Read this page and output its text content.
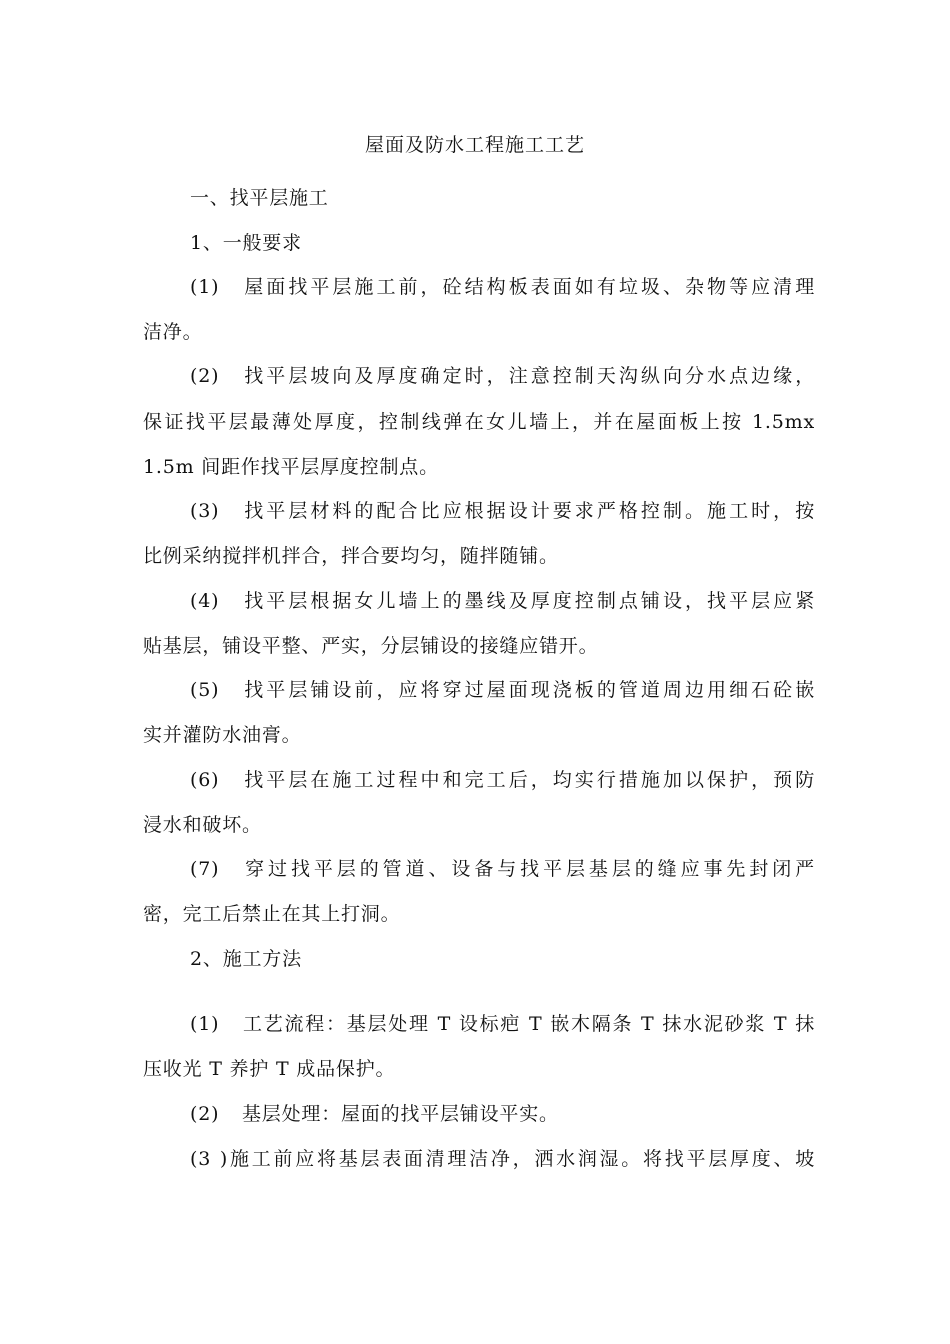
屋面及防水工程施工工艺
一、找平层施工
1、一般要求
(1) 屋面找平层施工前，砼结构板表面如有垃圾、杂物等应清理
洁净。
(2) 找平层坡向及厚度确定时，注意控制天沟纵向分水点边缘，
保证找平层最薄处厚度，控制线弹在女儿墙上，并在屋面板上按 1.5mx
1.5m 间距作找平层厚度控制点。
(3) 找平层材料的配合比应根据设计要求严格控制。施工时，按
比例采纳搅拌机拌合，拌合要均匀，随拌随铺。
(4) 找平层根据女儿墙上的墨线及厚度控制点铺设，找平层应紧
贴基层，铺设平整、严实，分层铺设的接缝应错开。
(5) 找平层铺设前，应将穿过屋面现浇板的管道周边用细石砼嵌
实并灌防水油膏。
(6) 找平层在施工过程中和完工后，均实行措施加以保护，预防
浸水和破坏。
(7) 穿过找平层的管道、设备与找平层基层的缝应事先封闭严
密，完工后禁止在其上打洞。
2、施工方法
(1) 工艺流程：基层处理 T 设标疤 T 嵌木隔条 T 抹水泥砂浆 T 抹
压收光 T 养护 T 成品保护。
(2) 基层处理：屋面的找平层铺设平实。
(3 )施工前应将基层表面清理洁净，洒水润湿。将找平层厚度、坡
